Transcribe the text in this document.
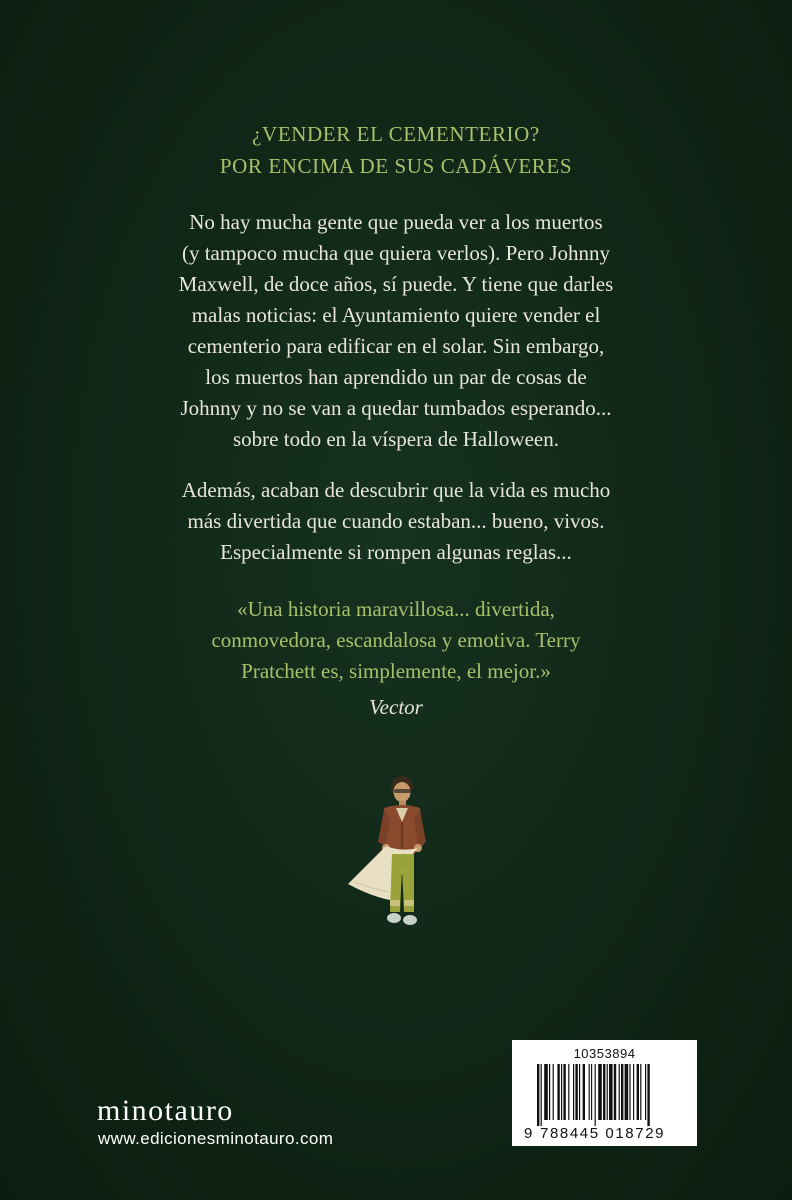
¿VENDER EL CEMENTERIO?
POR ENCIMA DE SUS CADÁVERES
No hay mucha gente que pueda ver a los muertos
(y tampoco mucha que quiera verlos). Pero Johnny
Maxwell, de doce años, sí puede. Y tiene que darles
malas noticias: el Ayuntamiento quiere vender el
cementerio para edificar en el solar. Sin embargo,
los muertos han aprendido un par de cosas de
Johnny y no se van a quedar tumbados esperando...
sobre todo en la víspera de Halloween.
Además, acaban de descubrir que la vida es mucho
más divertida que cuando estaban... bueno, vivos.
Especialmente si rompen algunas reglas...
«Una historia maravillosa... divertida,
conmovedora, escandalosa y emotiva. Terry
Pratchett es, simplemente, el mejor.»
Vector
minotauro
www.edicionesminotauro.com
10353894
9 788445 018729
